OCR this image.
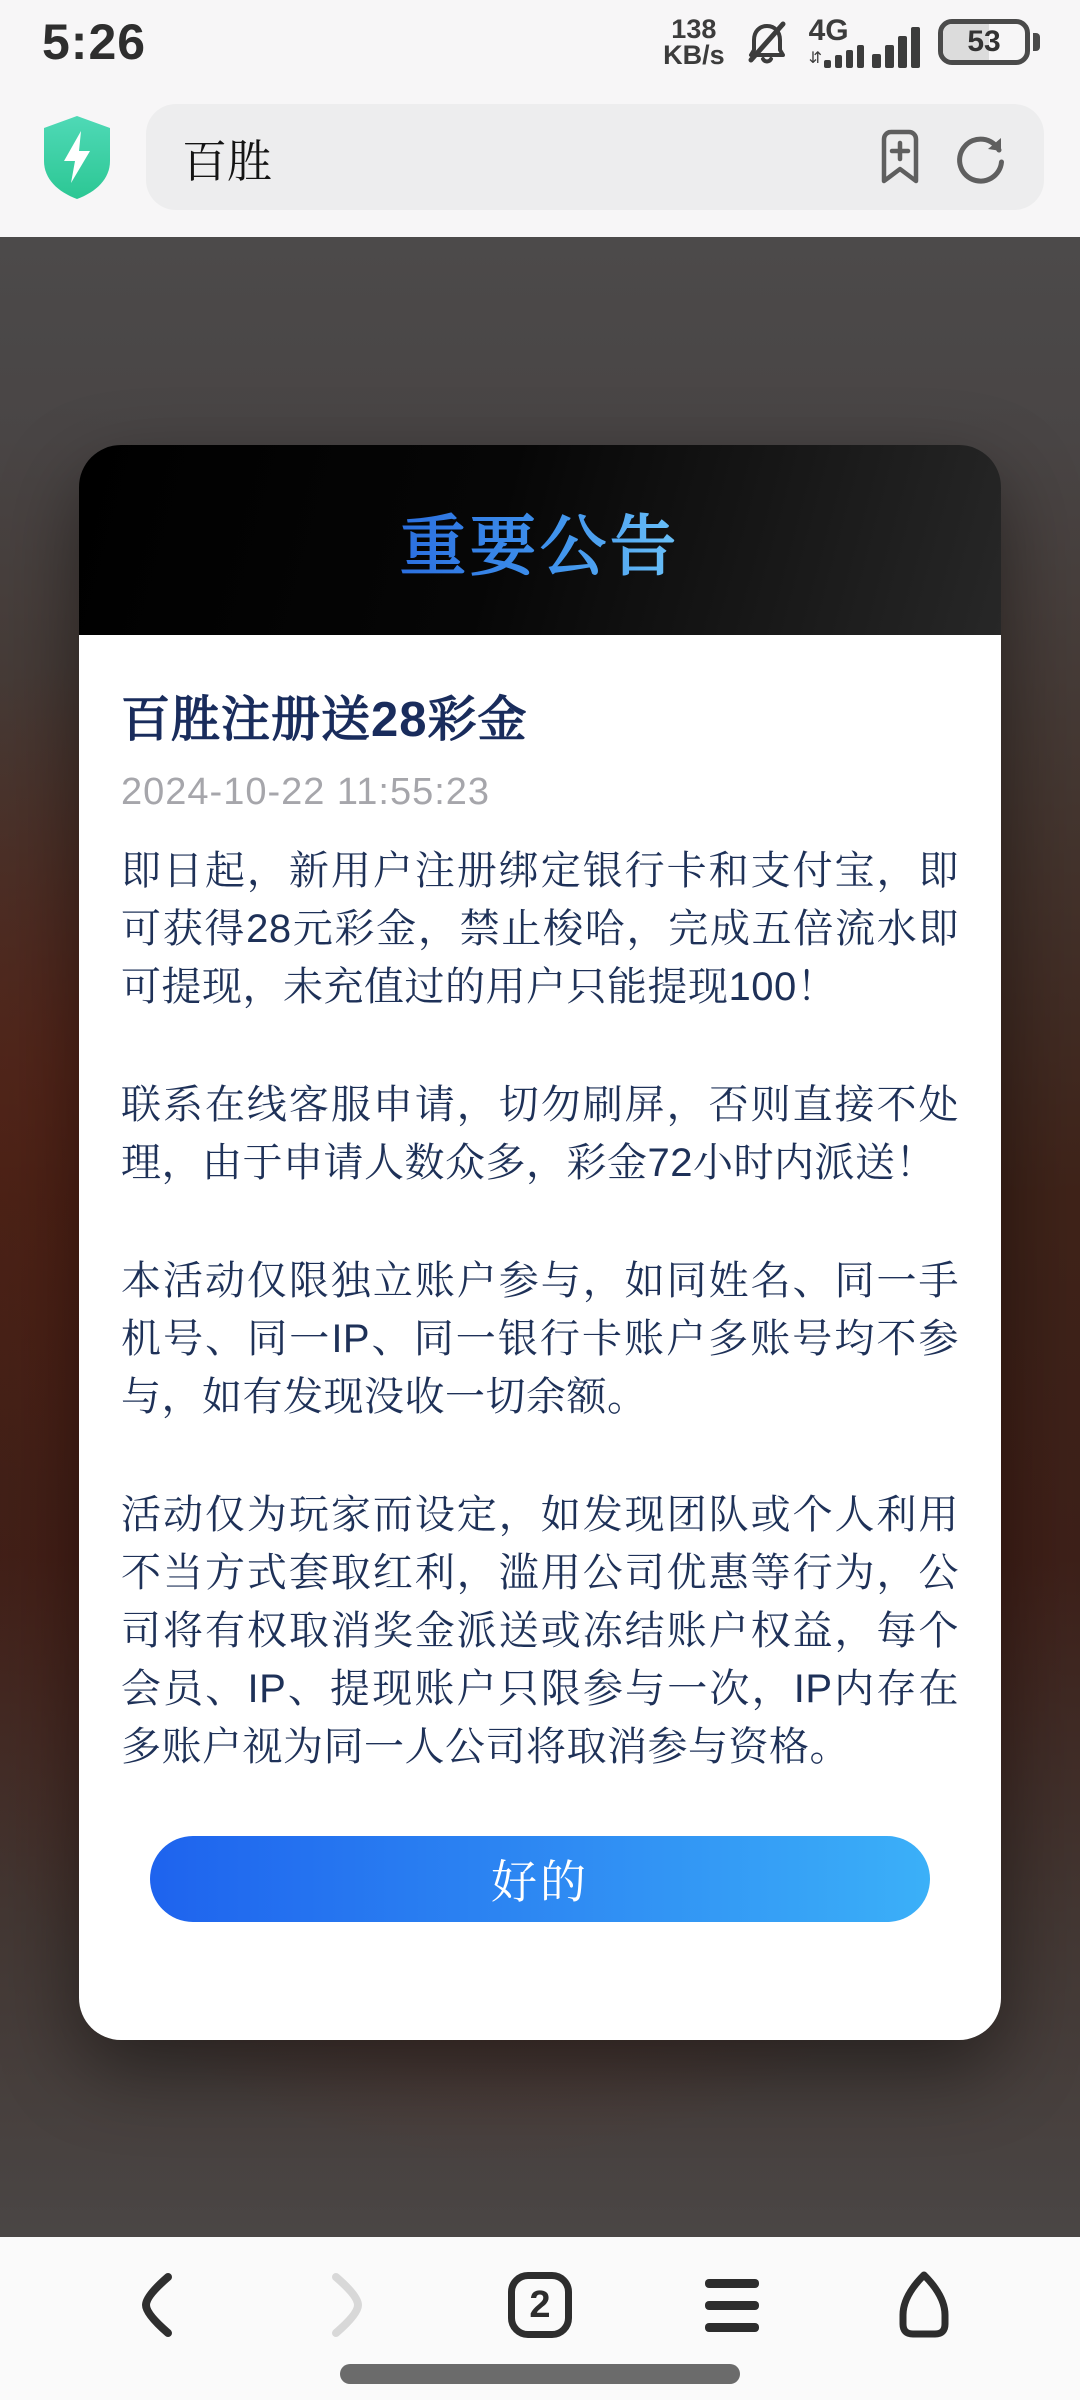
5:26	138
KB/s
4G
⇵	53
百胜
重要公告
百胜注册送28彩金
2024-10-22 11:55:23

即日起，新用户注册绑定银行卡和支付宝，即可获得28元彩金，禁止梭哈，完成五倍流水即可提现，未充值过的用户只能提现100！

联系在线客服申请，切勿刷屏，否则直接不处理，由于申请人数众多，彩金72小时内派送！

本活动仅限独立账户参与，如同姓名、同一手机号、同一IP、同一银行卡账户多账号均不参与，如有发现没收一切余额。

活动仅为玩家而设定，如发现团队或个人利用不当方式套取红利，滥用公司优惠等行为，公司将有权取消奖金派送或冻结账户权益，每个会员、IP、提现账户只限参与一次，IP内存在多账户视为同一人公司将取消参与资格。

好的
2
